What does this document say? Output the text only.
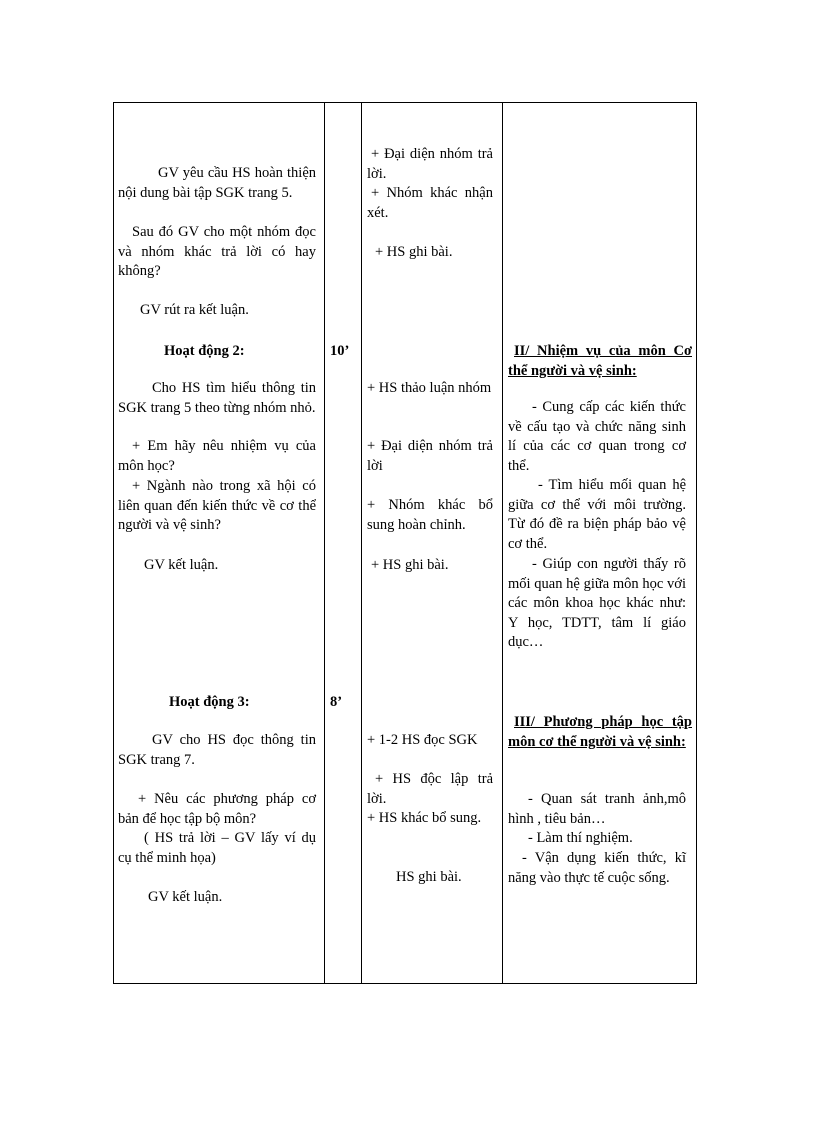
GV yêu cầu HS hoàn thiện nội dung bài tập SGK trang 5.

Sau đó GV cho một nhóm đọc và nhóm khác trả lời có hay không?

GV rút ra kết luận.

Hoạt động 2:

Cho HS tìm hiểu thông tin SGK trang 5 theo từng nhóm nhỏ.

+ Em hãy nêu nhiệm vụ của môn học?

+ Ngành nào trong xã hội có liên quan đến kiến thức về cơ thể người và vệ sinh?

GV kết luận.

Hoạt động 3:

GV cho HS đọc thông tin SGK trang 7.

+ Nêu các phương pháp cơ bản để học tập bộ môn?

( HS trả lời – GV lấy ví dụ cụ thể minh họa)

GV kết luận.

10’

8’

+ Đại diện nhóm trả lời.

+ Nhóm khác nhận xét.

+ HS ghi bài.

+ HS thảo luận nhóm

+ Đại diện nhóm trả lời

+ Nhóm khác bổ sung hoàn chỉnh.

+ HS ghi bài.

+ 1-2 HS đọc SGK

+ HS độc lập trả lời.

+ HS khác bổ sung.

HS ghi bài.

II/ Nhiệm vụ của môn Cơ thể người và vệ sinh:

- Cung cấp các kiến thức về cấu tạo và chức năng sinh lí của các cơ quan trong cơ thể.

- Tìm hiểu mối quan hệ giữa cơ thể với môi trường. Từ đó đề ra biện pháp bảo vệ cơ thể.

- Giúp con người thấy rõ mối quan hệ giữa môn học với các môn khoa học khác như: Y học, TDTT, tâm lí giáo dục…

III/ Phương pháp học tập môn cơ thể người và vệ sinh:

- Quan sát tranh ảnh,mô hình , tiêu bản…

- Làm thí nghiệm.

- Vận dụng kiến thức, kĩ năng vào thực tế cuộc sống.
